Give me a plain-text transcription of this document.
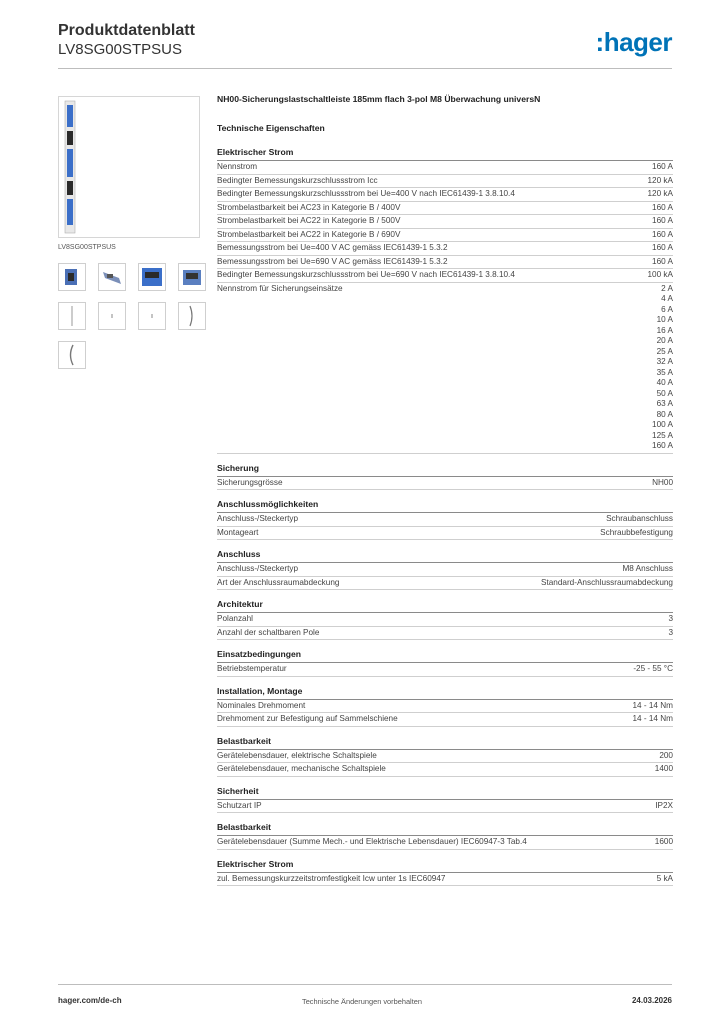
Produktdatenblatt
LV8SG00STPSUS	:hager
LV8SG00STPSUS
NH00-Sicherungslastschaltleiste 185mm flach 3-pol M8 Überwachung universN
Technische Eigenschaften
Elektrischer Strom
Nennstrom	160 A
Bedingter Bemessungskurzschlussstrom Icc	120 kA
Bedingter Bemessungskurzschlussstrom bei Ue=400 V nach IEC61439-1 3.8.10.4	120 kA
Strombelastbarkeit bei AC23 in Kategorie B / 400V	160 A
Strombelastbarkeit bei AC22 in Kategorie B / 500V	160 A
Strombelastbarkeit bei AC22 in Kategorie B / 690V	160 A
Bemessungsstrom bei Ue=400 V AC gemäss IEC61439-1 5.3.2	160 A
Bemessungsstrom bei Ue=690 V AC gemäss IEC61439-1 5.3.2	160 A
Bedingter Bemessungskurzschlussstrom bei Ue=690 V nach IEC61439-1 3.8.10.4	100 kA
Nennstrom für Sicherungseinsätze	2 A
4 A
6 A
10 A
16 A
20 A
25 A
32 A
35 A
40 A
50 A
63 A
80 A
100 A
125 A
160 A
Sicherung
Sicherungsgrösse	NH00
Anschlussmöglichkeiten
Anschluss-/Steckertyp	Schraubanschluss
Montageart	Schraubbefestigung
Anschluss
Anschluss-/Steckertyp	M8 Anschluss
Art der Anschlussraumabdeckung	Standard-Anschlussraumabdeckung
Architektur
Polanzahl	3
Anzahl der schaltbaren Pole	3
Einsatzbedingungen
Betriebstemperatur	-25 - 55 °C
Installation, Montage
Nominales Drehmoment	14 - 14 Nm
Drehmoment zur Befestigung auf Sammelschiene	14 - 14 Nm
Belastbarkeit
Gerätelebensdauer, elektrische Schaltspiele	200
Gerätelebensdauer, mechanische Schaltspiele	1400
Sicherheit
Schutzart IP	IP2X
Belastbarkeit
Gerätelebensdauer (Summe Mech.- und Elektrische Lebensdauer) IEC60947-3 Tab.4	1600
Elektrischer Strom
zul. Bemessungskurzzeitstromfestigkeit Icw unter 1s IEC60947	5 kA
hager.com/de-ch	Technische Änderungen vorbehalten	24.03.2026
